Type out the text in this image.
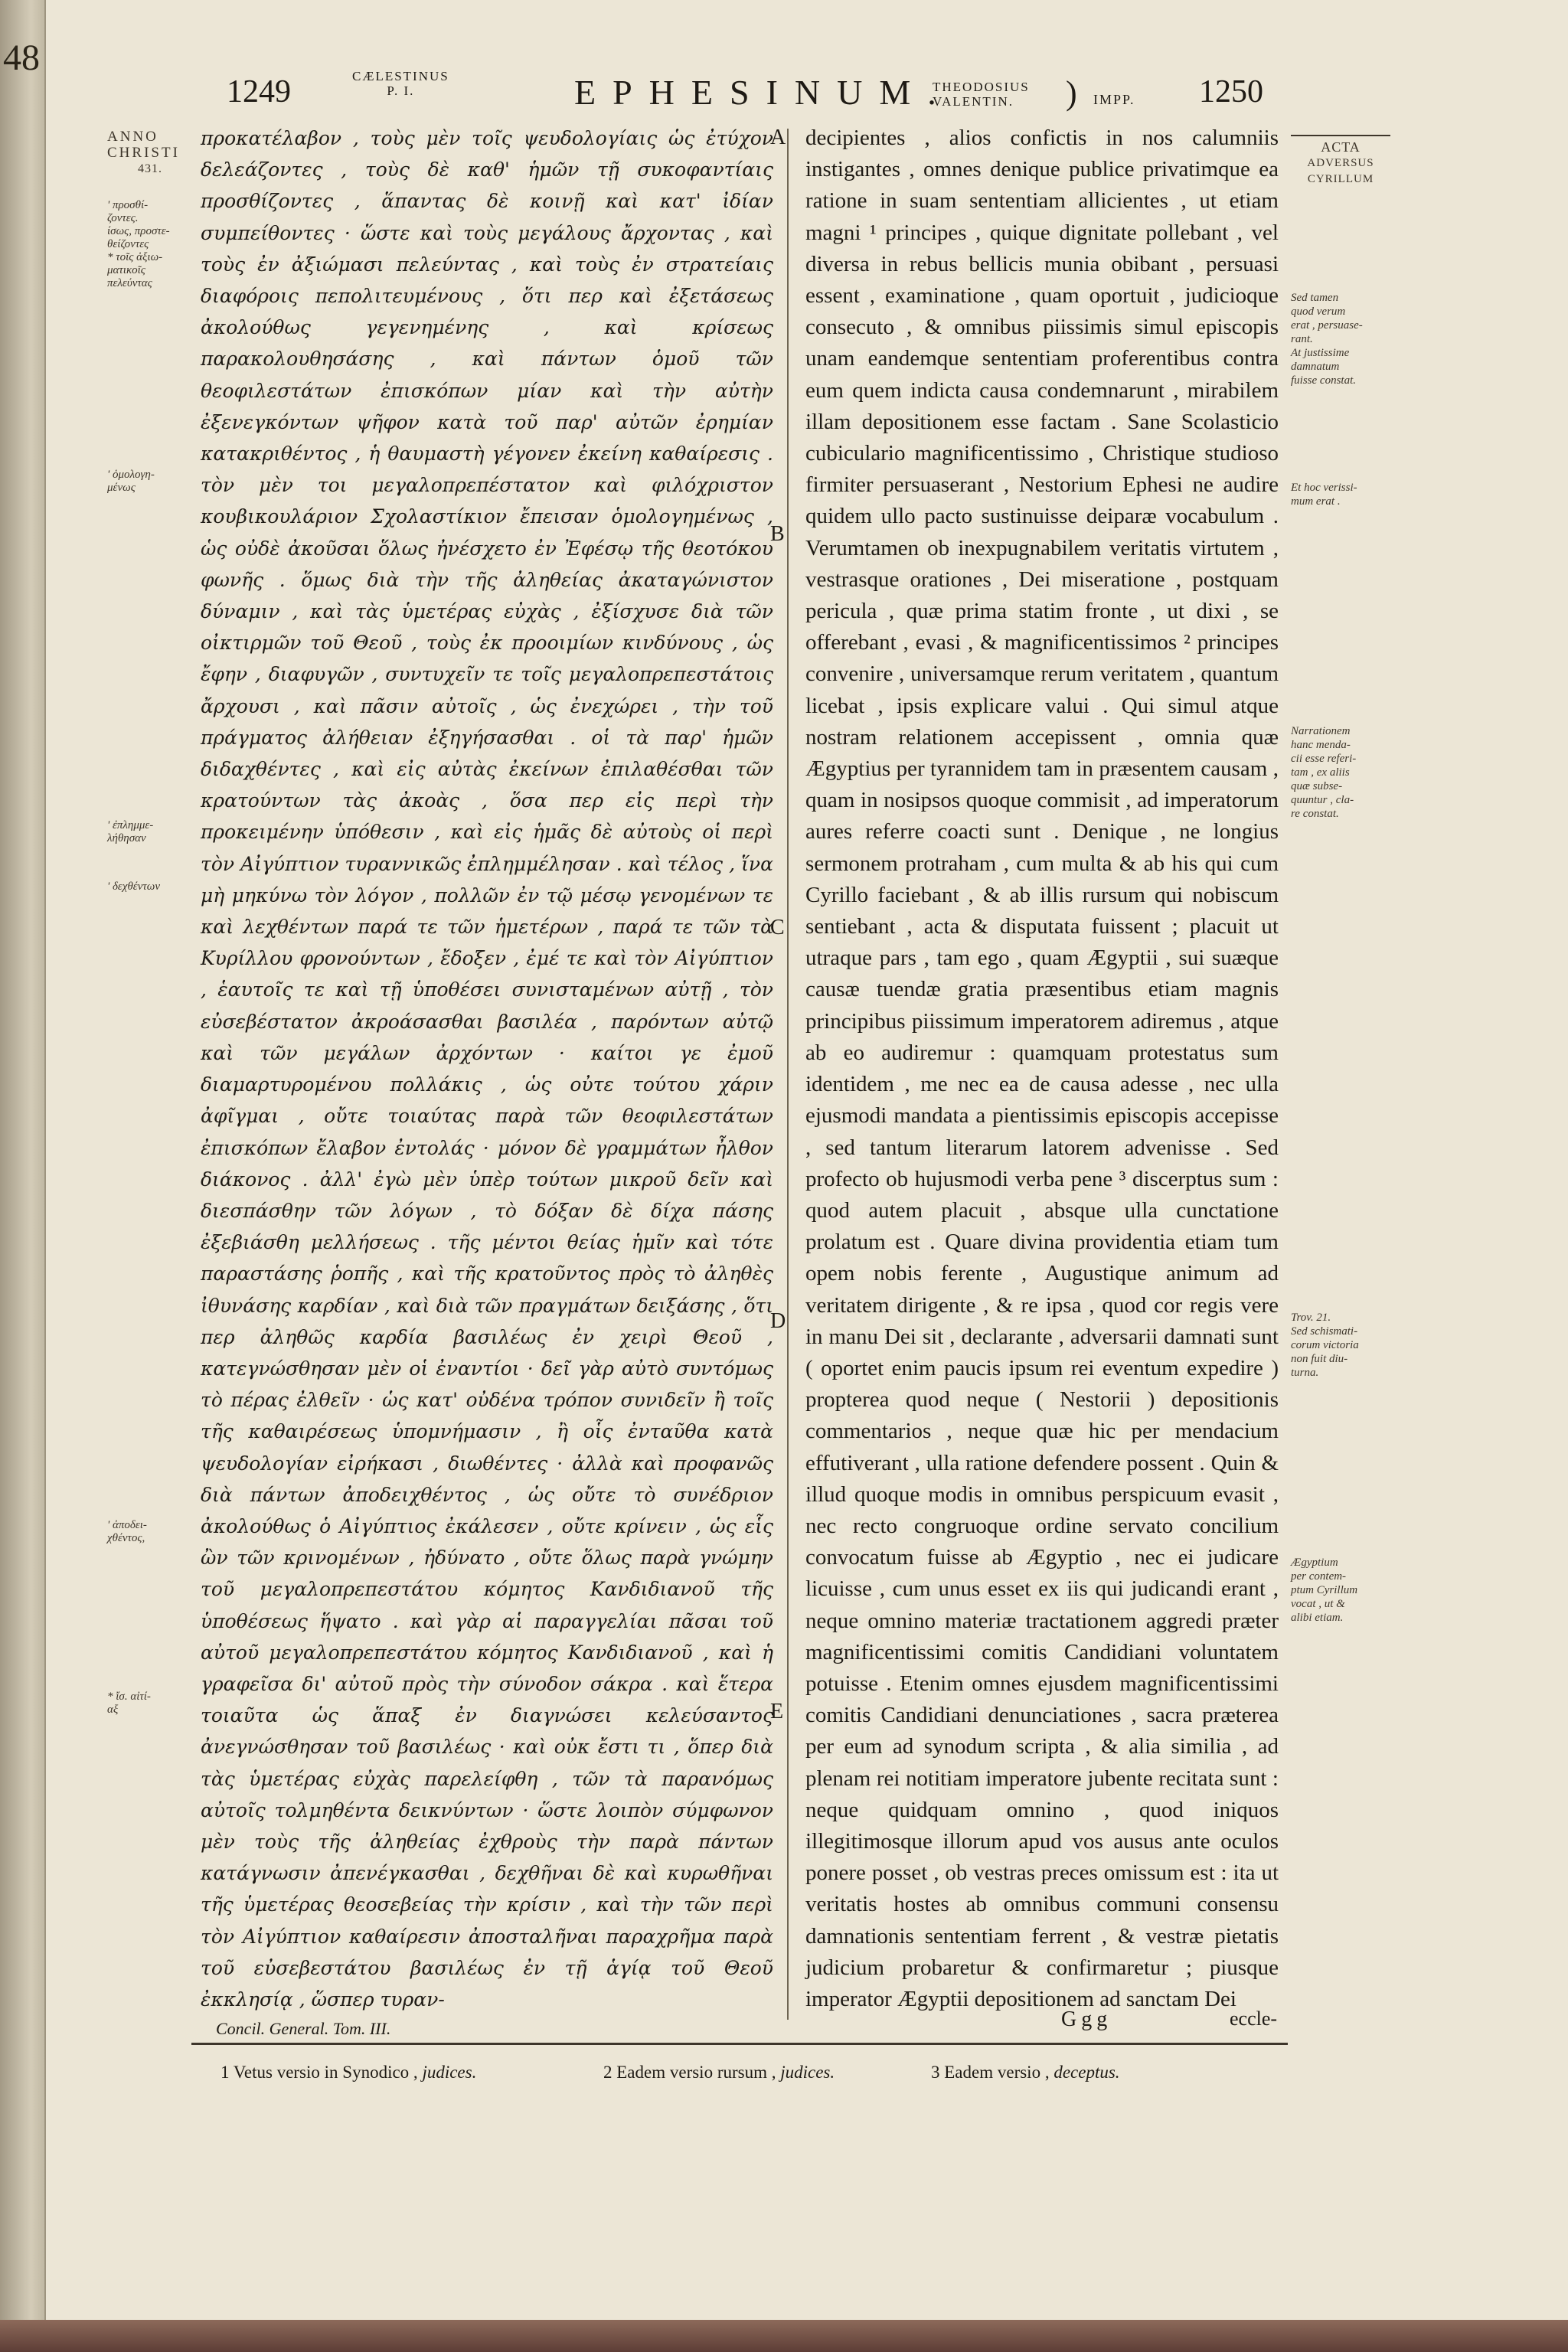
48
1249	CÆLESTINUS
P. I.	EPHESINUM.
THEODOSIUS
VALENTIN.	) IMPP. 1250
ANNO
CHRISTI
431.
' προσθί-
ζοντες.
ίσως, προστε-
θείζοντες
* τοῖς ἀξιω-
ματικοῖς
πελεύντας
' ὁμολογη-
μένως
' ἐπλημμε-
λήθησαν
' δεχθέντων
' ἀποδει-
χθέντος,
* ἴσ. αἰτί-
αξ

προκατέλαβον , τοὺς μὲν τοῖς ψευδολογίαις ὡς ἐτύχον δελεάζοντες , τοὺς δὲ καθ' ἡμῶν τῇ συκοφαντίαις προσθίζοντες , ἅπαντας δὲ κοινῇ καὶ κατ' ἰδίαν συμπείθοντες · ὥστε καὶ τοὺς μεγάλους ἄρχοντας , καὶ τοὺς ἐν ἀξιώμασι πελεύντας , καὶ τοὺς ἐν στρατείαις διαφόροις πεπολιτευμένους , ὅτι περ καὶ ἐξετάσεως ἀκολούθως γεγενημένης , καὶ κρίσεως παρακολουθησάσης , καὶ πάντων ὁμοῦ τῶν θεοφιλεστάτων ἐπισκόπων μίαν καὶ τὴν αὐτὴν ἐξενεγκόντων ψῆφον κατὰ τοῦ παρ' αὐτῶν ἐρημίαν κατακριθέντος , ἡ θαυμαστὴ γέγονεν ἐκείνη καθαίρεσις . τὸν μὲν τοι μεγαλοπρεπέστατον καὶ φιλόχριστον κουβικουλάριον Σχολαστίκιον ἔπεισαν ὁμολογημένως , ὡς οὐδὲ ἀκοῦσαι ὅλως ἠνέσχετο ἐν Ἐφέσῳ τῆς θεοτόκου φωνῆς . ὅμως διὰ τὴν τῆς ἀληθείας ἀκαταγώνιστον δύναμιν , καὶ τὰς ὑμετέρας εὐχὰς , ἐξίσχυσε διὰ τῶν οἰκτιρμῶν τοῦ Θεοῦ , τοὺς ἐκ προοιμίων κινδύνους , ὡς ἔφην , διαφυγῶν , συντυχεῖν τε τοῖς μεγαλοπρεπεστάτοις ἄρχουσι , καὶ πᾶσιν αὐτοῖς , ὡς ἐνεχώρει , τὴν τοῦ πράγματος ἀλήθειαν ἐξηγήσασθαι . οἱ τὰ παρ' ἡμῶν διδαχθέντες , καὶ εἰς αὐτὰς ἐκείνων ἐπιλαθέσθαι τῶν κρατούντων τὰς ἀκοὰς , ὅσα περ εἰς περὶ τὴν προκειμένην ὑπόθεσιν , καὶ εἰς ἡμᾶς δὲ αὐτοὺς οἱ περὶ τὸν Αἰγύπτιον τυραννικῶς ἐπλημμέλησαν . καὶ τέλος , ἵνα μὴ μηκύνω τὸν λόγον , πολλῶν ἐν τῷ μέσῳ γενομένων τε καὶ λεχθέντων παρά τε τῶν ἡμετέρων , παρά τε τῶν τὰ Κυρίλλου φρονούντων , ἔδοξεν , ἐμέ τε καὶ τὸν Αἰγύπτιον , ἑαυτοῖς τε καὶ τῇ ὑποθέσει συνισταμένων αὐτῇ , τὸν εὐσεβέστατον ἀκροάσασθαι βασιλέα , παρόντων αὐτῷ καὶ τῶν μεγάλων ἀρχόντων · καίτοι γε ἐμοῦ διαμαρτυρομένου πολλάκις , ὡς οὐτε τούτου χάριν ἀφῖγμαι , οὔτε τοιαύτας παρὰ τῶν θεοφιλεστάτων ἐπισκόπων ἔλαβον ἐντολάς · μόνον δὲ γραμμάτων ἦλθον διάκονος . ἀλλ' ἐγὼ μὲν ὑπὲρ τούτων μικροῦ δεῖν καὶ διεσπάσθην τῶν λόγων , τὸ δόξαν δὲ δίχα πάσης ἐξεβιάσθη μελλήσεως . τῆς μέντοι θείας ἡμῖν καὶ τότε παραστάσης ῥοπῆς , καὶ τῆς κρατοῦντος πρὸς τὸ ἀληθὲς ἰθυνάσης καρδίαν , καὶ διὰ τῶν πραγμάτων δειξάσης , ὅτι περ ἀληθῶς καρδία βασιλέως ἐν χειρὶ Θεοῦ , κατεγνώσθησαν μὲν οἱ ἐναντίοι · δεῖ γὰρ αὐτὸ συντόμως τὸ πέρας ἐλθεῖν · ὡς κατ' οὐδένα τρόπον συνιδεῖν ἢ τοῖς τῆς καθαιρέσεως ὑπομνήμασιν , ἢ οἷς ἐνταῦθα κατὰ ψευδολογίαν εἰρήκασι , διωθέντες · ἀλλὰ καὶ προφανῶς διὰ πάντων ἀποδειχθέντος , ὡς οὔτε τὸ συνέδριον ἀκολούθως ὁ Αἰγύπτιος ἐκάλεσεν , οὔτε κρίνειν , ὡς εἷς ὢν τῶν κρινομένων , ἠδύνατο , οὔτε ὅλως παρὰ γνώμην τοῦ μεγαλοπρεπεστάτου κόμητος Κανδιδιανοῦ τῆς ὑποθέσεως ἥψατο . καὶ γὰρ αἱ παραγγελίαι πᾶσαι τοῦ αὐτοῦ μεγαλοπρεπεστάτου κόμητος Κανδιδιανοῦ , καὶ ἡ γραφεῖσα δι' αὐτοῦ πρὸς τὴν σύνοδον σάκρα . καὶ ἕτερα τοιαῦτα ὡς ἅπαξ ἐν διαγνώσει κελεύσαντος ἀνεγνώσθησαν τοῦ βασιλέως · καὶ οὐκ ἔστι τι , ὅπερ διὰ τὰς ὑμετέρας εὐχὰς παρελείφθη , τῶν τὰ παρανόμως αὐτοῖς τολμηθέντα δεικνύντων · ὥστε λοιπὸν σύμφωνον μὲν τοὺς τῆς ἀληθείας ἐχθροὺς τὴν παρὰ πάντων κατάγνωσιν ἀπενέγκασθαι , δεχθῆναι δὲ καὶ κυρωθῆναι τῆς ὑμετέρας θεοσεβείας τὴν κρίσιν , καὶ τὴν τῶν περὶ τὸν Αἰγύπτιον καθαίρεσιν ἀποσταλῆναι παραχρῆμα παρὰ τοῦ εὐσεβεστάτου βασιλέως ἐν τῇ ἁγίᾳ τοῦ Θεοῦ ἐκκλησίᾳ , ὥσπερ τυραν-

A
B
C
D
E

decipientes , alios confictis in nos calumniis instigantes , omnes denique publice privatimque ea ratione in suam sententiam allicientes , ut etiam magni ¹ principes , quique dignitate pollebant , vel diversa in rebus bellicis munia obibant , persuasi essent , examinatione , quam oportuit , judicioque consecuto , & omnibus piissimis simul episcopis unam eandemque sententiam proferentibus contra eum quem indicta causa condemnarunt , mirabilem illam depositionem esse factam . Sane Scolasticio cubiculario magnificentissimo , Christique studioso firmiter persuaserant , Nestorium Ephesi ne audire quidem ullo pacto sustinuisse deiparæ vocabulum . Verumtamen ob inexpugnabilem veritatis virtutem , vestrasque orationes , Dei miseratione , postquam pericula , quæ prima statim fronte , ut dixi , se offerebant , evasi , & magnificentissimos ² principes convenire , universamque rerum veritatem , quantum licebat , ipsis explicare valui . Qui simul atque nostram relationem accepissent , omnia quæ Ægyptius per tyrannidem tam in præsentem causam , quam in nosipsos quoque commisit , ad imperatorum aures referre coacti sunt . Denique , ne longius sermonem protraham , cum multa & ab his qui cum Cyrillo faciebant , & ab illis rursum qui nobiscum sentiebant , acta & disputata fuissent ; placuit ut utraque pars , tam ego , quam Ægyptii , sui suæque causæ tuendæ gratia præsentibus etiam magnis principibus piissimum imperatorem adiremus , atque ab eo audiremur : quamquam protestatus sum identidem , me nec ea de causa adesse , nec ulla ejusmodi mandata a pientissimis episcopis accepisse , sed tantum literarum latorem advenisse . Sed profecto ob hujusmodi verba pene ³ discerptus sum : quod autem placuit , absque ulla cunctatione prolatum est . Quare divina providentia etiam tum opem nobis ferente , Augustique animum ad veritatem dirigente , & re ipsa , quod cor regis vere in manu Dei sit , declarante , adversarii damnati sunt ( oportet enim paucis ipsum rei eventum expedire ) propterea quod neque ( Nestorii ) depositionis commentarios , neque quæ hic per mendacium effutiverant , ulla ratione defendere possent . Quin & illud quoque modis in omnibus perspicuum evasit , nec recto congruoque ordine servato concilium convocatum fuisse ab Ægyptio , nec ei judicare licuisse , cum unus esset ex iis qui judicandi erant , neque omnino materiæ tractationem aggredi præter magnificentissimi comitis Candidiani voluntatem potuisse . Etenim omnes ejusdem magnificentissimi comitis Candidiani denunciationes , sacra præterea per eum ad synodum scripta , & alia similia , ad plenam rei notitiam imperatore jubente recitata sunt : neque quidquam omnino , quod iniquos illegitimosque illorum apud vos ausus ante oculos ponere posset , ob vestras preces omissum est : ita ut veritatis hostes ab omnibus communi consensu damnationis sententiam ferrent , & vestræ pietatis judicium probaretur & confirmaretur ; piusque imperator Ægyptii depositionem ad sanctam Dei

ACTA
ADVERSUS
CYRILLUM
Sed tamen
quod verum
erat , persuase-
rant.
At justissime
damnatum
fuisse constat.
Et hoc verissi-
mum erat .
Narrationem
hanc menda-
cii esse referi-
tam , ex aliis
quæ subse-
quuntur , cla-
re constat.
Trov. 21.
Sed schismati-
corum victoria
non fuit diu-
turna.
Ægyptium
per contem-
ptum Cyrillum
vocat , ut &
alibi etiam.
Concil. General. Tom. III.	Ggg	eccle-
1 Vetus versio in Synodico , judices.	2 Eadem versio rursum , judices.	3 Eadem versio , deceptus.
